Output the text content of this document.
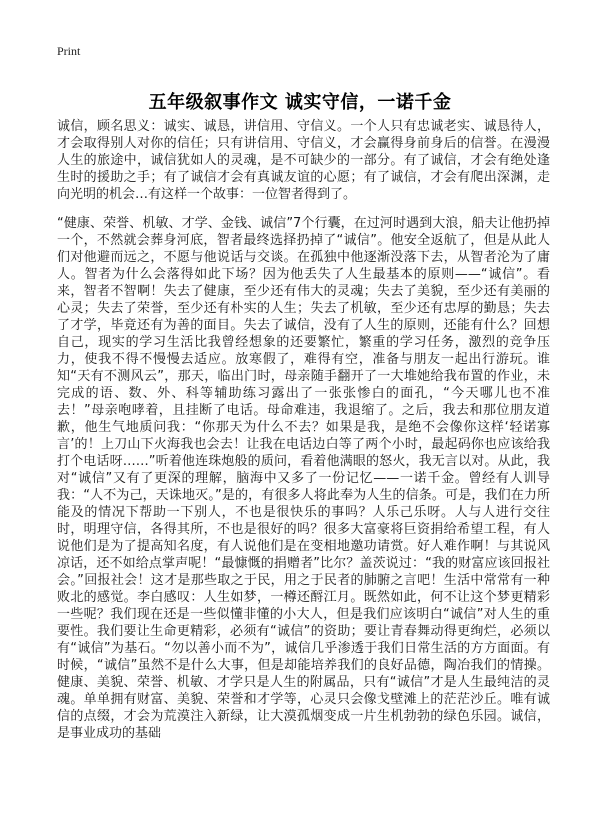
Print
五年级叙事作文 诚实守信，一诺千金

诚信，顾名思义：诚实、诚恳，讲信用、守信义。一个人只有忠诚老实、诚恳待人，才会取得别人对你的信任；只有讲信用、守信义，才会赢得身前身后的信誉。在漫漫人生的旅途中，诚信犹如人的灵魂，是不可缺少的一部分。有了诚信，才会有绝处逢生时的援助之手；有了诚信才会有真诚友谊的心愿；有了诚信，才会有爬出深渊，走向光明的机会…有这样一个故事：一位智者得到了。

“健康、荣誉、机敏、才学、金钱、诚信”7个行囊，在过河时遇到大浪，船夫让他扔掉一个，不然就会葬身河底，智者最终选择扔掉了“诚信”。他安全返航了，但是从此人们对他避而远之，不愿与他说话与交谈。在孤独中他逐渐没落下去，从智者沦为了庸人。智者为什么会落得如此下场？因为他丢失了人生最基本的原则——“诚信”。看来，智者不智啊！失去了健康，至少还有伟大的灵魂；失去了美貌，至少还有美丽的心灵；失去了荣誉，至少还有朴实的人生；失去了机敏，至少还有忠厚的勤恳；失去了才学，毕竟还有为善的面目。失去了诚信，没有了人生的原则，还能有什么？回想自己，现实的学习生活比我曾经想象的还要繁忙，繁重的学习任务，激烈的竞争压力，使我不得不慢慢去适应。放寒假了，难得有空，准备与朋友一起出行游玩。谁知“天有不测风云”，那天，临出门时，母亲随手翻开了一大堆她给我布置的作业，未完成的语、数、外、科等辅助练习露出了一张张惨白的面孔，“今天哪儿也不准去！”母亲咆哮着，且挂断了电话。母命难违，我退缩了。之后，我去和那位朋友道歉，他生气地质问我：“你那天为什么不去？如果是我，是绝不会像你这样‘轻诺寡言’的！上刀山下火海我也会去！让我在电话边白等了两个小时，最起码你也应该给我打个电话呀……”听着他连珠炮般的质问，看着他满眼的怒火，我无言以对。从此，我对“诚信”又有了更深的理解，脑海中又多了一份记忆——一诺千金。曾经有人训导我：“人不为己，天诛地灭。”是的，有很多人将此奉为人生的信条。可是，我们在力所能及的情况下帮助一下别人，不也是很快乐的事吗？人乐己乐呀。人与人进行交往时，明理守信，各得其所，不也是很好的吗？很多大富豪将巨资捐给希望工程，有人说他们是为了提高知名度，有人说他们是在变相地邀功请赏。好人难作啊！与其说风凉话，还不如给点掌声呢！“最慷慨的捐赠者”比尔？盖茨说过：“我的财富应该回报社会。”回报社会！这才是那些取之于民，用之于民者的肺腑之言吧！生活中常常有一种败北的感觉。李白感叹：人生如梦，一樽还酹江月。既然如此，何不让这个梦更精彩一些呢？我们现在还是一些似懂非懂的小大人，但是我们应该明白“诚信”对人生的重要性。我们要让生命更精彩，必须有“诚信”的资助；要让青春舞动得更绚烂，必须以有“诚信”为基石。“勿以善小而不为”，诚信几乎渗透于我们日常生活的方方面面。有时候，“诚信”虽然不是什么大事，但是却能培养我们的良好品德，陶冶我们的情操。健康、美貌、荣誉、机敏、才学只是人生的附属品，只有“诚信”才是人生最纯洁的灵魂。单单拥有财富、美貌、荣誉和才学等，心灵只会像戈壁滩上的茫茫沙丘。唯有诚信的点缀，才会为荒漠注入新绿，让大漠孤烟变成一片生机勃勃的绿色乐园。诚信，是事业成功的基础
